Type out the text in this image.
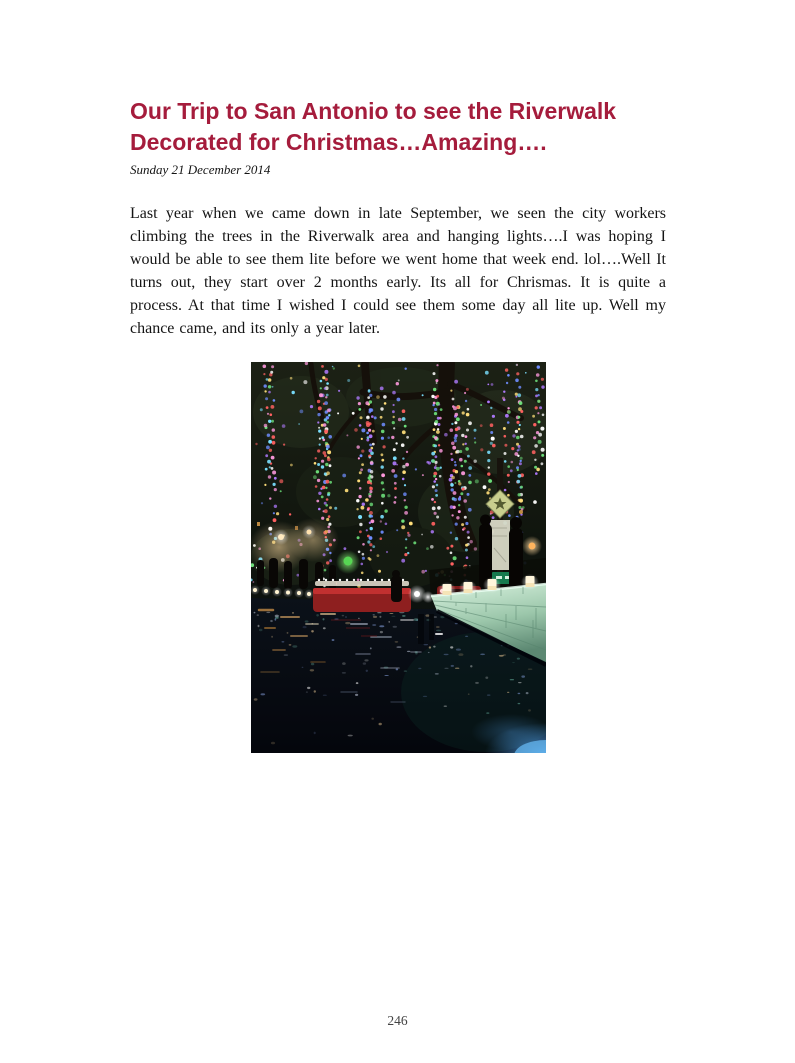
Our Trip to San Antonio to see the Riverwalk Decorated for Christmas…Amazing….
Sunday 21 December 2014

Last year when we came down in late September, we seen the city workers climbing the trees in the Riverwalk area and hanging lights….I was hoping I would be able to see them lite before we went home that week end. lol….Well It turns out, they start over 2 months early. Its all for Chrismas. It is quite a process. At that time I wished I could see them some day all lite up. Well my chance came, and its only a year later.

246
